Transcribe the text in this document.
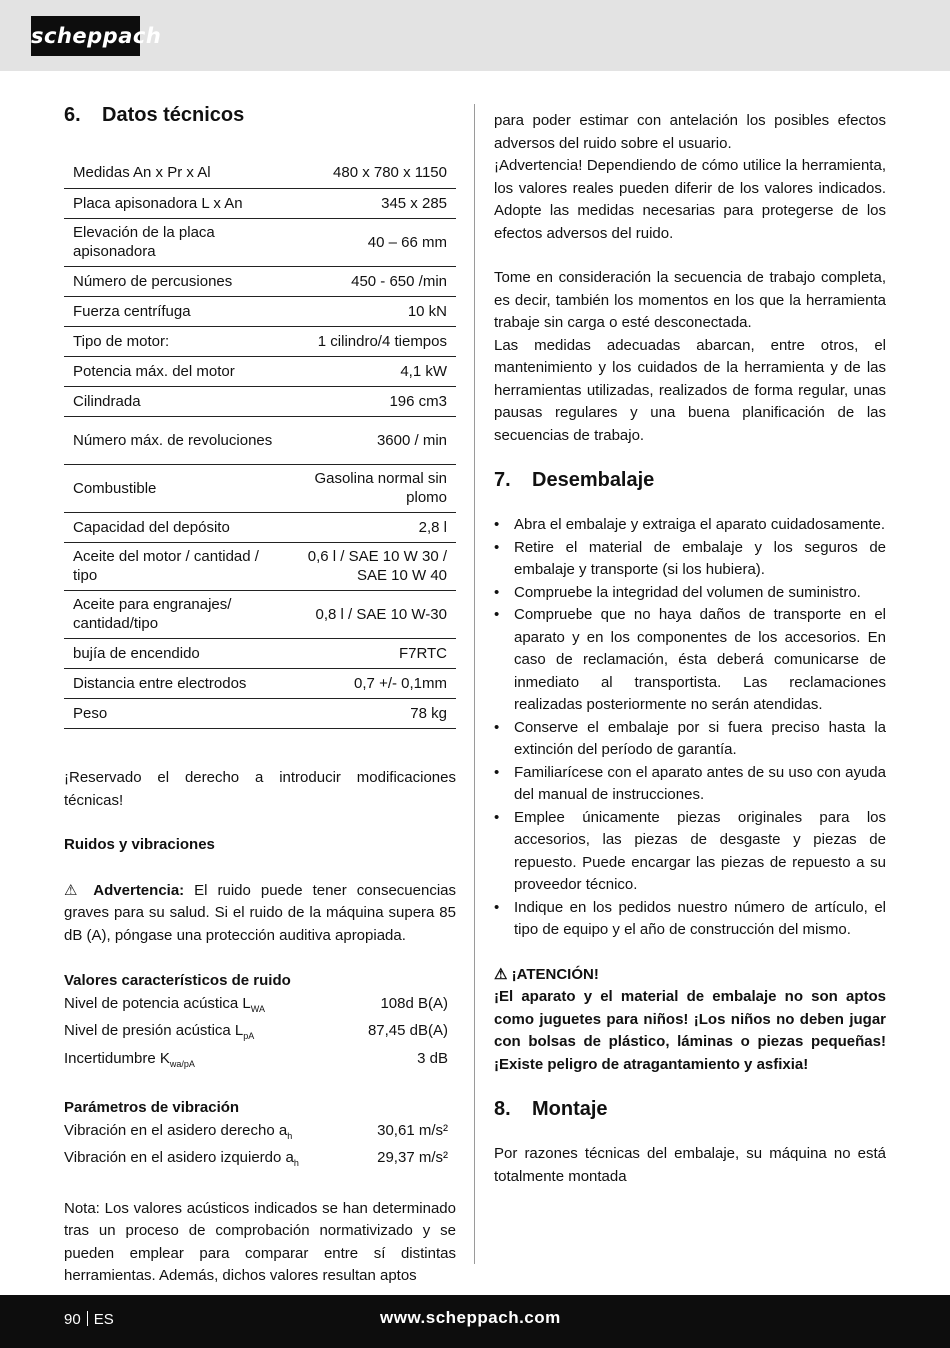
scheppach
6. Datos técnicos
Medidas An x Pr x Al	480 x 780 x 1150
Placa apisonadora L x An	345 x 285
Elevación de la placa apisonadora	40 – 66 mm
Número de percusiones	450 - 650 /min
Fuerza centrífuga	10 kN
Tipo de motor:	1 cilindro/4 tiempos
Potencia máx. del motor	4,1 kW
Cilindrada	196 cm3
Número máx. de revoluciones	3600 / min
Combustible	Gasolina normal sin plomo
Capacidad del depósito	2,8 l
Aceite del motor / cantidad / tipo	0,6 l / SAE 10 W 30 / SAE 10 W 40
Aceite para engranajes/ cantidad/tipo	0,8 l / SAE 10 W-30
bujía de encendido	F7RTC
Distancia entre electrodos	0,7 +/- 0,1mm
Peso	78 kg

¡Reservado el derecho a introducir modificaciones técnicas!

Ruidos y vibraciones

⚠ Advertencia: El ruido puede tener consecuencias graves para su salud. Si el ruido de la máquina supera 85 dB (A), póngase una protección auditiva apropiada.

Valores característicos de ruido

Nivel de potencia acústica $L_{WA}$	108d B(A)
Nivel de presión acústica $L_{pA}$	87,45 dB(A)
Incertidumbre $K_{wa/pA}$	3 dB

Parámetros de vibración

Vibración en el asidero derecho $a_h$	30,61 m/s²
Vibración en el asidero izquierdo $a_h$	29,37 m/s²

Nota: Los valores acústicos indicados se han determinado tras un proceso de comprobación normativizado y se pueden emplear para comparar entre sí distintas herramientas. Además, dichos valores resultan aptos

para poder estimar con antelación los posibles efectos adversos del ruido sobre el usuario.

¡Advertencia! Dependiendo de cómo utilice la herramienta, los valores reales pueden diferir de los valores indicados. Adopte las medidas necesarias para protegerse de los efectos adversos del ruido.

Tome en consideración la secuencia de trabajo completa, es decir, también los momentos en los que la herramienta trabaje sin carga o esté desconectada.

Las medidas adecuadas abarcan, entre otros, el mantenimiento y los cuidados de la herramienta y de las herramientas utilizadas, realizados de forma regular, unas pausas regulares y una buena planificación de las secuencias de trabajo.

7. Desembalaje
• Abra el embalaje y extraiga el aparato cuidadosamente.
• Retire el material de embalaje y los seguros de embalaje y transporte (si los hubiera).
• Compruebe la integridad del volumen de suministro.
• Compruebe que no haya daños de transporte en el aparato y en los componentes de los accesorios. En caso de reclamación, ésta deberá comunicarse de inmediato al transportista. Las reclamaciones realizadas posteriormente no serán atendidas.
• Conserve el embalaje por si fuera preciso hasta la extinción del período de garantía.
• Familiarícese con el aparato antes de su uso con ayuda del manual de instrucciones.
• Emplee únicamente piezas originales para los accesorios, las piezas de desgaste y piezas de repuesto. Puede encargar las piezas de repuesto a su proveedor técnico.
• Indique en los pedidos nuestro número de artículo, el tipo de equipo y el año de construcción del mismo.

⚠ ¡ATENCIÓN!

¡El aparato y el material de embalaje no son aptos como juguetes para niños! ¡Los niños no deben jugar con bolsas de plástico, láminas o piezas pequeñas! ¡Existe peligro de atragantamiento y asfixia!

8. Montaje

Por razones técnicas del embalaje, su máquina no está totalmente montada

90 ES	www.scheppach.com
